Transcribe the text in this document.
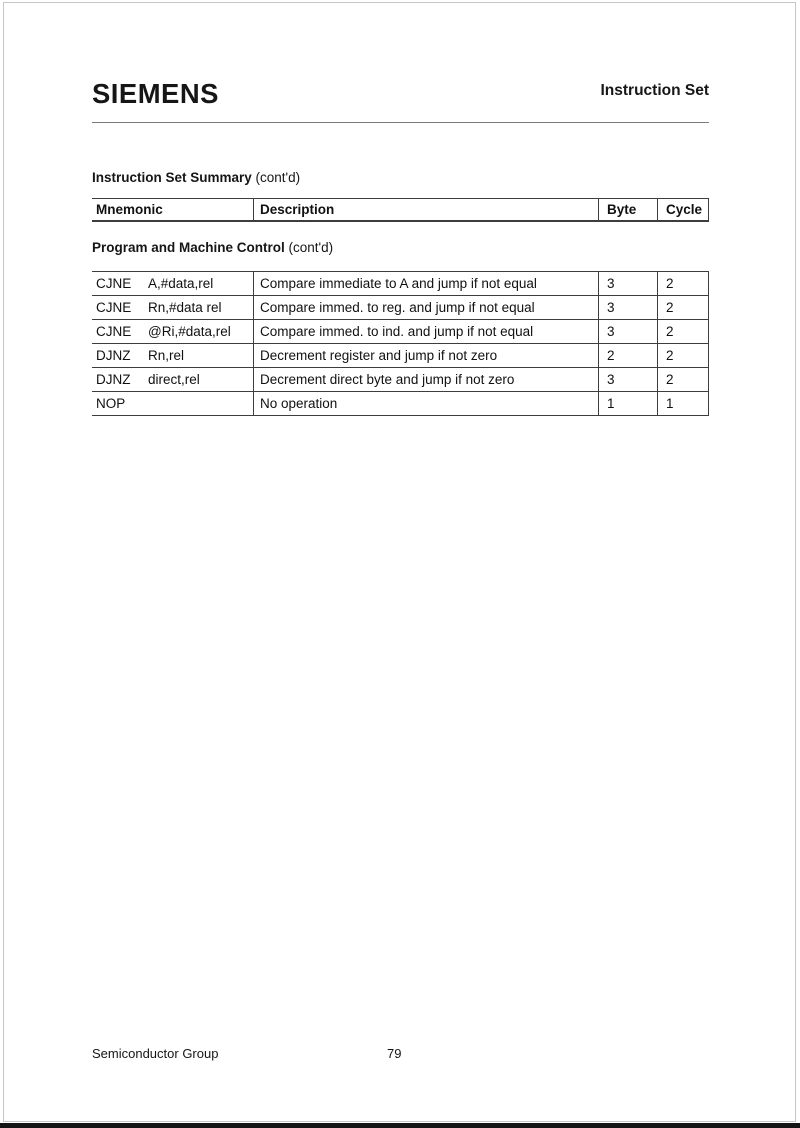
SIEMENS	Instruction Set
Instruction Set Summary (cont'd)
Mnemonic	Description	Byte	Cycle
Program and Machine Control (cont'd)
CJNE A,#data,rel	Compare immediate to A and jump if not equal	3	2
CJNE Rn,#data rel	Compare immed. to reg. and jump if not equal	3	2
CJNE @Ri,#data,rel	Compare immed. to ind. and jump if not equal	3	2
DJNZ Rn,rel	Decrement register and jump if not zero	2	2
DJNZ direct,rel	Decrement direct byte and jump if not zero	3	2
NOP	No operation	1	1
Semiconductor Group	79
